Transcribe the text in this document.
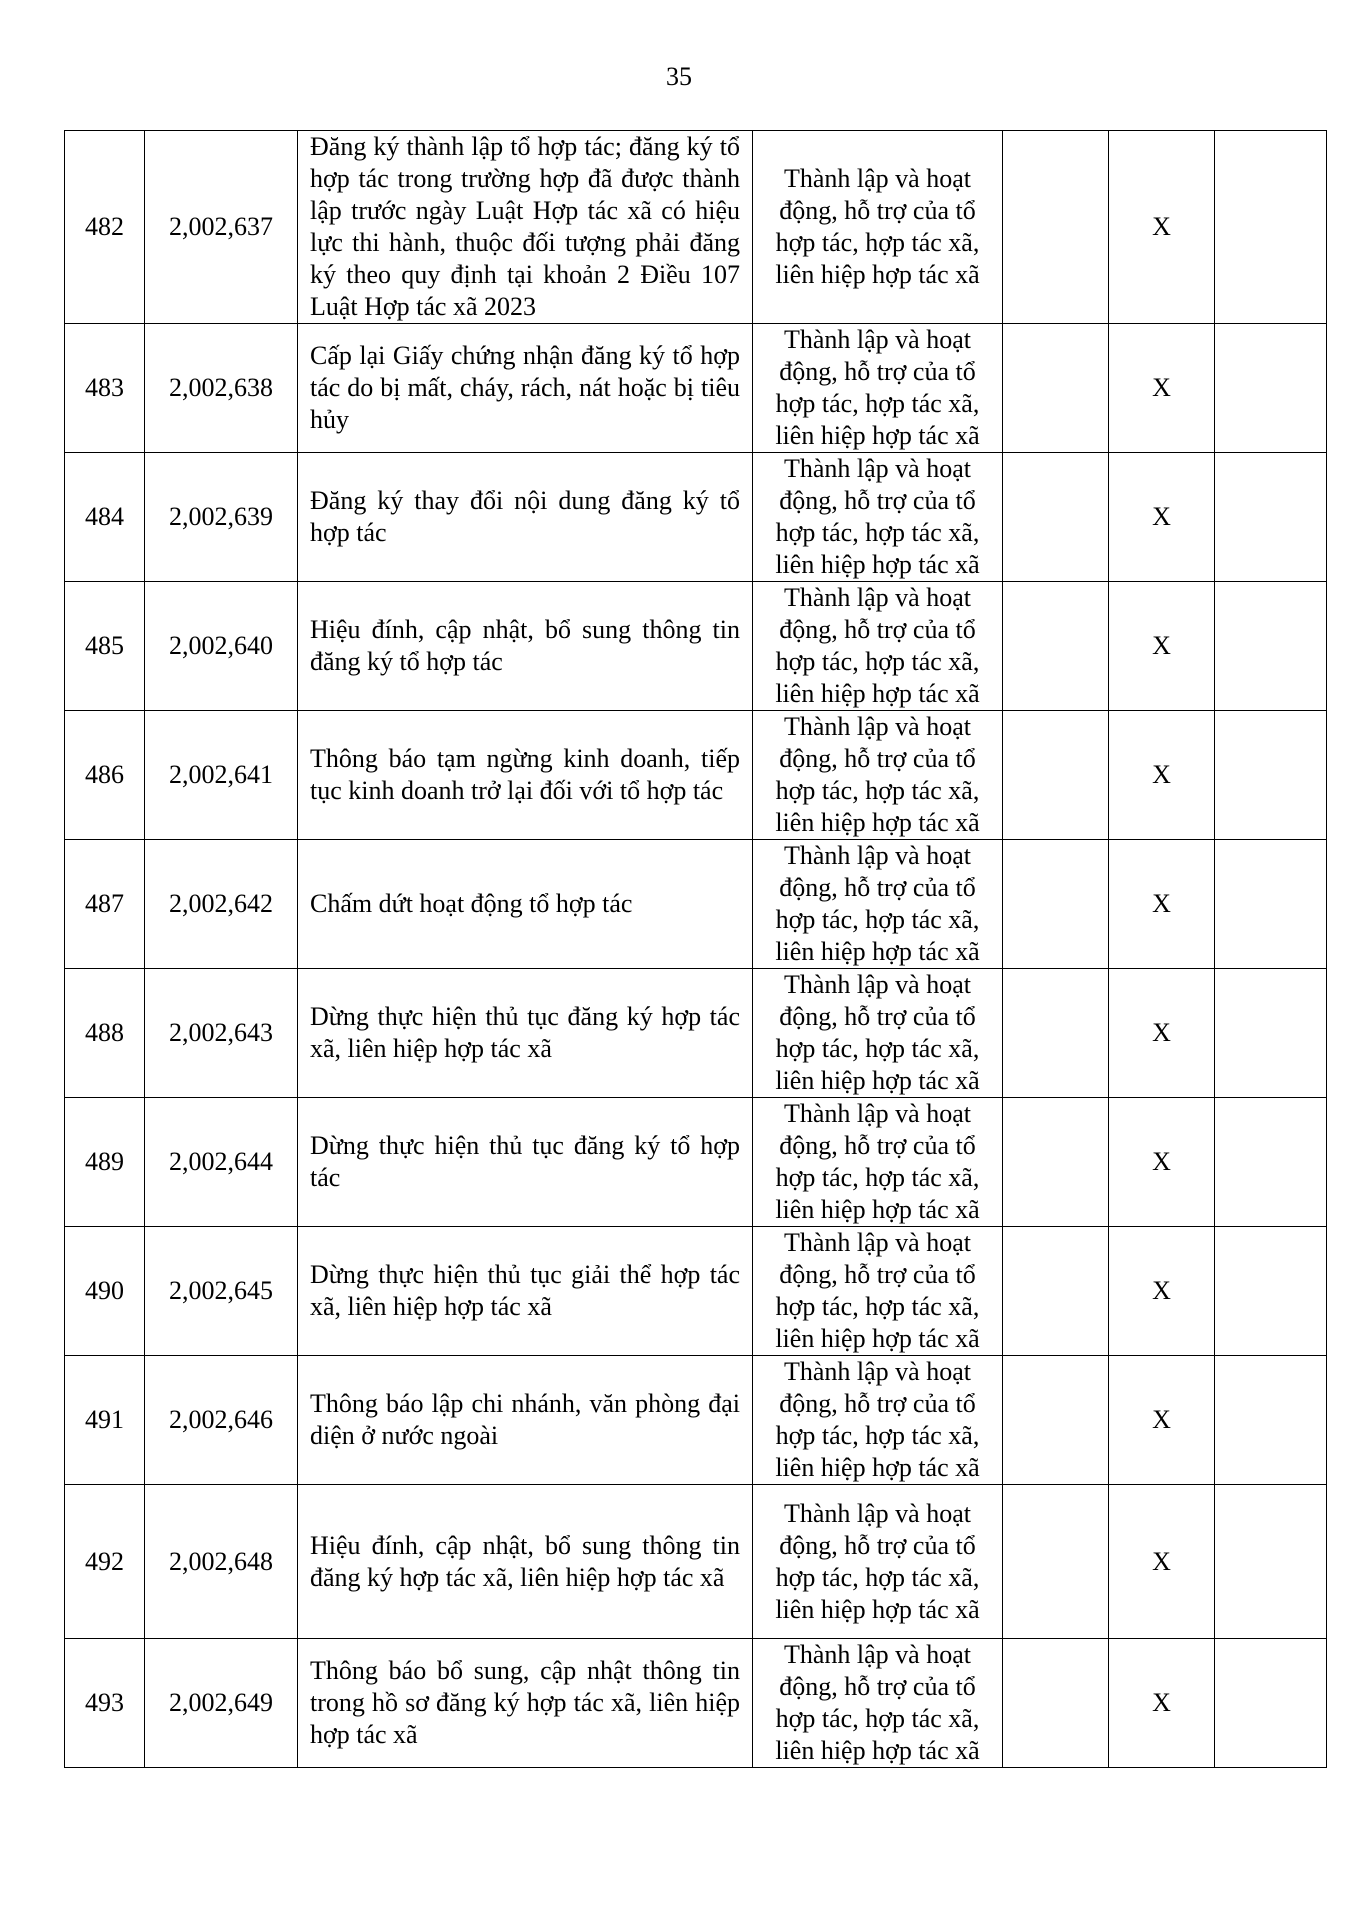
35
482	2,002,637	Đăng ký thành lập tổ hợp tác; đăng ký tổ hợp tác trong trường hợp đã được thành lập trước ngày Luật Hợp tác xã có hiệu lực thi hành, thuộc đối tượng phải đăng ký theo quy định tại khoản 2 Điều 107 Luật Hợp tác xã 2023	Thành lập và hoạt động, hỗ trợ của tổ hợp tác, hợp tác xã, liên hiệp hợp tác xã		X	
483	2,002,638	Cấp lại Giấy chứng nhận đăng ký tổ hợp tác do bị mất, cháy, rách, nát hoặc bị tiêu hủy	Thành lập và hoạt động, hỗ trợ của tổ hợp tác, hợp tác xã, liên hiệp hợp tác xã		X	
484	2,002,639	Đăng ký thay đổi nội dung đăng ký tổ hợp tác	Thành lập và hoạt động, hỗ trợ của tổ hợp tác, hợp tác xã, liên hiệp hợp tác xã		X	
485	2,002,640	Hiệu đính, cập nhật, bổ sung thông tin đăng ký tổ hợp tác	Thành lập và hoạt động, hỗ trợ của tổ hợp tác, hợp tác xã, liên hiệp hợp tác xã		X	
486	2,002,641	Thông báo tạm ngừng kinh doanh, tiếp tục kinh doanh trở lại đối với tổ hợp tác	Thành lập và hoạt động, hỗ trợ của tổ hợp tác, hợp tác xã, liên hiệp hợp tác xã		X	
487	2,002,642	Chấm dứt hoạt động tổ hợp tác	Thành lập và hoạt động, hỗ trợ của tổ hợp tác, hợp tác xã, liên hiệp hợp tác xã		X	
488	2,002,643	Dừng thực hiện thủ tục đăng ký hợp tác xã, liên hiệp hợp tác xã	Thành lập và hoạt động, hỗ trợ của tổ hợp tác, hợp tác xã, liên hiệp hợp tác xã		X	
489	2,002,644	Dừng thực hiện thủ tục đăng ký tổ hợp tác	Thành lập và hoạt động, hỗ trợ của tổ hợp tác, hợp tác xã, liên hiệp hợp tác xã		X	
490	2,002,645	Dừng thực hiện thủ tục giải thể hợp tác xã, liên hiệp hợp tác xã	Thành lập và hoạt động, hỗ trợ của tổ hợp tác, hợp tác xã, liên hiệp hợp tác xã		X	
491	2,002,646	Thông báo lập chi nhánh, văn phòng đại diện ở nước ngoài	Thành lập và hoạt động, hỗ trợ của tổ hợp tác, hợp tác xã, liên hiệp hợp tác xã		X	
492	2,002,648	Hiệu đính, cập nhật, bổ sung thông tin đăng ký hợp tác xã, liên hiệp hợp tác xã	Thành lập và hoạt động, hỗ trợ của tổ hợp tác, hợp tác xã, liên hiệp hợp tác xã		X	
493	2,002,649	Thông báo bổ sung, cập nhật thông tin trong hồ sơ đăng ký hợp tác xã, liên hiệp hợp tác xã	Thành lập và hoạt động, hỗ trợ của tổ hợp tác, hợp tác xã, liên hiệp hợp tác xã		X	
